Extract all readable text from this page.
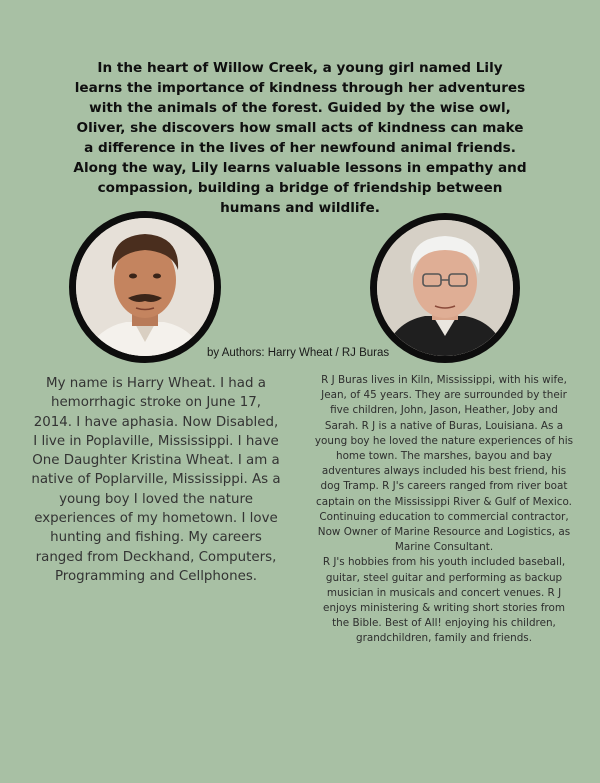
In the heart of Willow Creek, a young girl named Lily learns the importance of kindness through her adventures with the animals of the forest. Guided by the wise owl, Oliver, she discovers how small acts of kindness can make a difference in the lives of her newfound animal friends. Along the way, Lily learns valuable lessons in empathy and compassion, building a bridge of friendship between humans and wildlife.
by Authors: Harry Wheat / RJ Buras
My name is Harry Wheat. I had a hemorrhagic stroke on June 17, 2014. I have aphasia. Now Disabled, I live in Poplaville, Mississippi. I have One Daughter Kristina Wheat. I am a native of Poplarville, Mississippi. As a young boy I loved the nature experiences of my hometown. I love hunting and fishing. My careers ranged from Deckhand, Computers, Programming and Cellphones.

R J Buras lives in Kiln, Mississippi, with his wife, Jean, of 45 years. They are surrounded by their five children, John, Jason, Heather, Joby and Sarah. R J is a native of Buras, Louisiana. As a young boy he loved the nature experiences of his home town. The marshes, bayou and bay adventures always included his best friend, his dog Tramp. R J's careers ranged from river boat captain on the Mississippi River & Gulf of Mexico. Continuing education to commercial contractor, Now Owner of Marine Resource and Logistics, as Marine Consultant.

R J's hobbies from his youth included baseball, guitar, steel guitar and performing as backup musician in musicals and concert venues. R J enjoys ministering & writing short stories from the Bible. Best of All! enjoying his children, grandchildren, family and friends.
